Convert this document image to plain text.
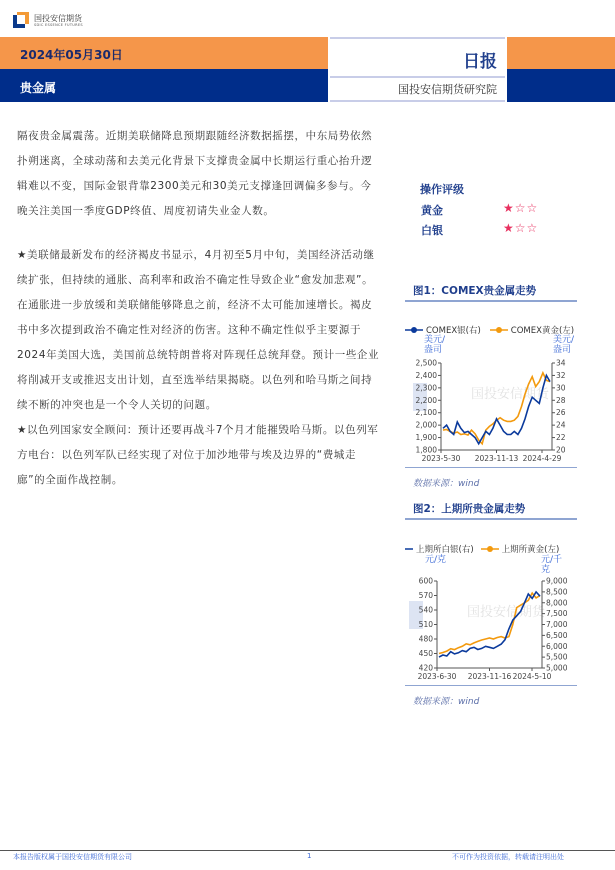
国投安信期货
SDIC ESSENCE FUTURES
2024年05月30日
贵金属
日报
国投安信期货研究院

隔夜贵金属震荡。近期美联储降息预期跟随经济数据摇摆，中东局势依然扑朔迷离，全球动荡和去美元化背景下支撑贵金属中长期运行重心抬升逻辑难以不变，国际金银背靠2300美元和30美元支撑逢回调偏多参与。今晚关注美国一季度GDP终值、周度初请失业金人数。

★美联储最新发布的经济褐皮书显示，4月初至5月中旬，美国经济活动继续扩张，但持续的通胀、高利率和政治不确定性导致企业“愈发加悲观”。在通胀进一步放缓和美联储能够降息之前，经济不太可能加速增长。褐皮书中多次提到政治不确定性对经济的伤害。这种不确定性似乎主要源于2024年美国大选，美国前总统特朗普将对阵现任总统拜登。预计一些企业将削减开支或推迟支出计划，直至选举结果揭晓。以色列和哈马斯之间持续不断的冲突也是一个令人关切的问题。

★以色列国家安全顾问：预计还要再战斗7个月才能摧毁哈马斯。以色列军方电台：以色列军队已经实现了对位于加沙地带与埃及边界的“费城走廊”的全面作战控制。

操作评级
黄金	★☆☆
白银	★☆☆
图1：COMEX贵金属走势
COMEX银(右)	COMEX黄金(左)
美元/盎司
美元/盎司
国投安信期货
1,800
1,900
2,000
2,100
2,200
2,300
2,400
2,500
20
22
24
26
28
30
32
34
2023-5-30 2023-11-13 2024-4-29
数据来源：wind
图2：上期所贵金属走势
上期所白银(右)	上期所黄金(左)
元/克	元/千克
国投安信期货
420
450
480
510
540
570
600
5,000
5,500
6,000
6,500
7,000
7,500
8,000
8,500
9,000
2023-6-30 2023-11-16 2024-5-10
数据来源：wind
本报告版权属于国投安信期货有限公司	1	不可作为投资依据，转载请注明出处
